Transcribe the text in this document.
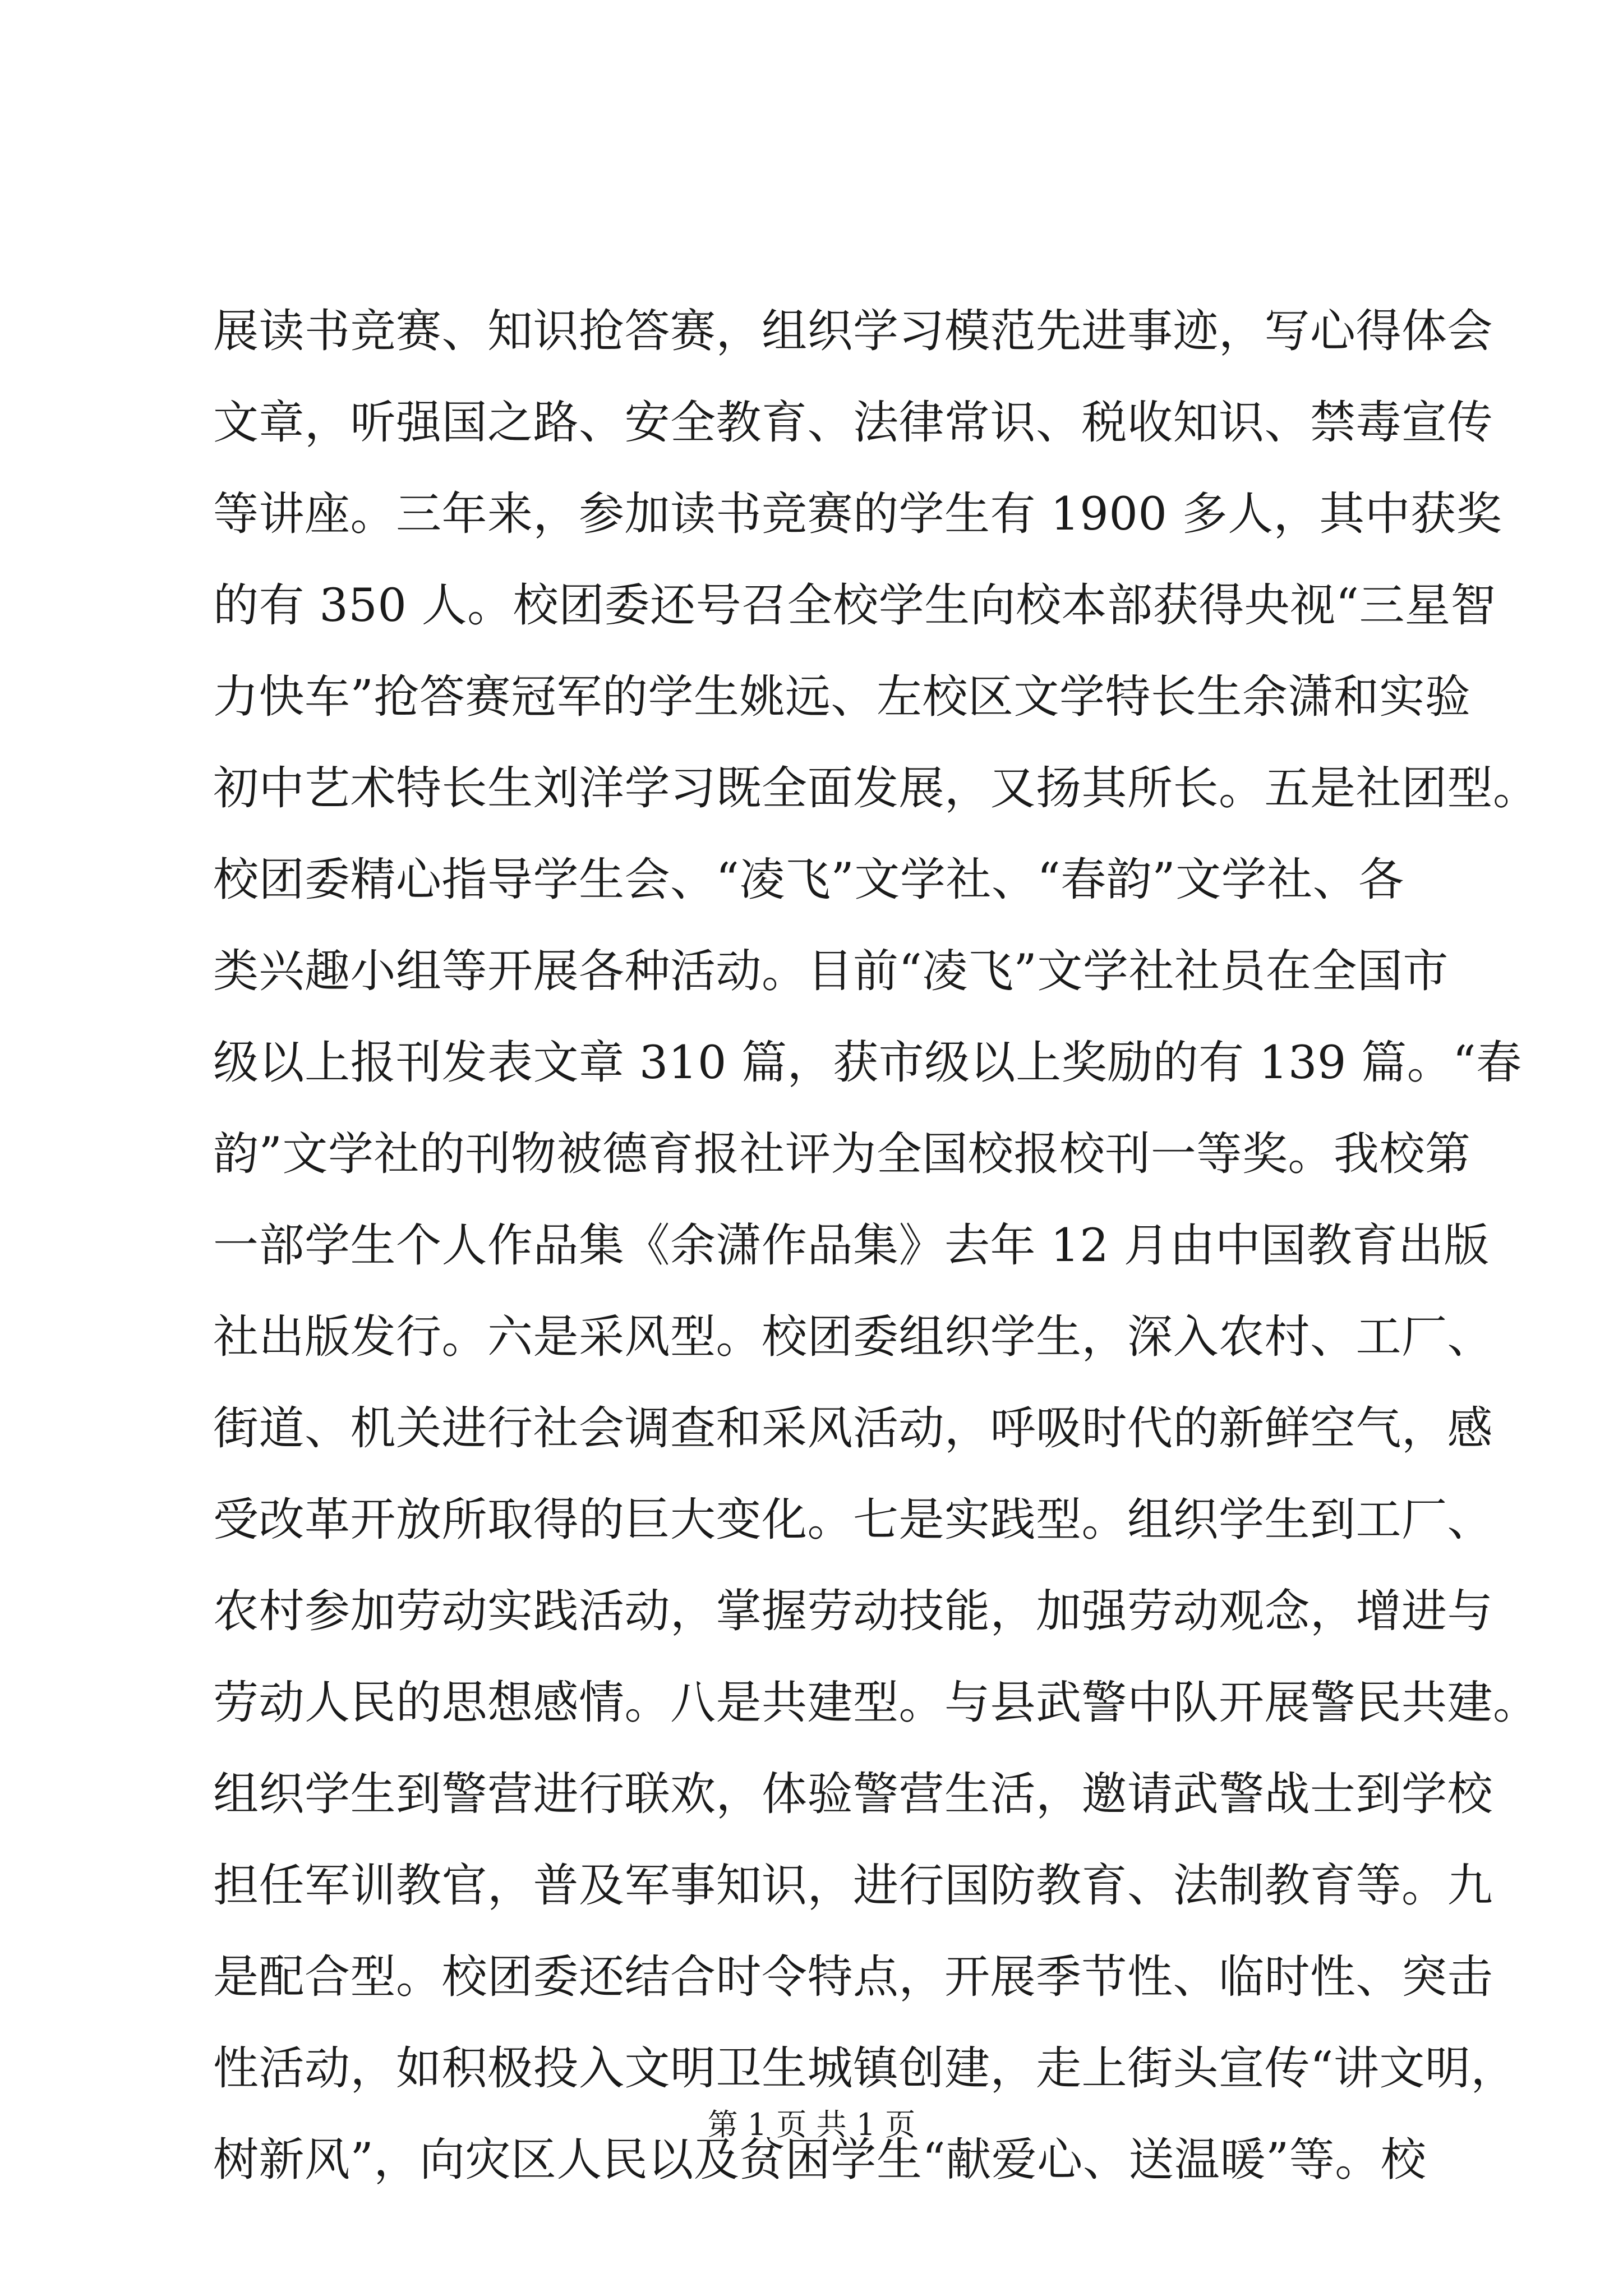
展读书竞赛、知识抢答赛，组织学习模范先进事迹，写心得体会
文章，听强国之路、安全教育、法律常识、税收知识、禁毒宣传
等讲座。三年来，参加读书竞赛的学生有 1900 多人，其中获奖
的有 350 人。校团委还号召全校学生向校本部获得央视“三星智
力快车”抢答赛冠军的学生姚远、左校区文学特长生余潇和实验
初中艺术特长生刘洋学习既全面发展，又扬其所长。五是社团型。
校团委精心指导学生会、“凌飞”文学社、“春韵”文学社、各
类兴趣小组等开展各种活动。目前“凌飞”文学社社员在全国市
级以上报刊发表文章 310 篇，获市级以上奖励的有 139 篇。“春
韵”文学社的刊物被德育报社评为全国校报校刊一等奖。我校第
一部学生个人作品集《余潇作品集》去年 12 月由中国教育出版
社出版发行。六是采风型。校团委组织学生，深入农村、工厂、
街道、机关进行社会调查和采风活动，呼吸时代的新鲜空气，感
受改革开放所取得的巨大变化。七是实践型。组织学生到工厂、
农村参加劳动实践活动，掌握劳动技能，加强劳动观念，增进与
劳动人民的思想感情。八是共建型。与县武警中队开展警民共建。
组织学生到警营进行联欢，体验警营生活，邀请武警战士到学校
担任军训教官，普及军事知识，进行国防教育、法制教育等。九
是配合型。校团委还结合时令特点，开展季节性、临时性、突击
性活动，如积极投入文明卫生城镇创建，走上街头宣传“讲文明，
树新风”，向灾区人民以及贫困学生“献爱心、送温暖”等。校
第 1 页 共 1 页
